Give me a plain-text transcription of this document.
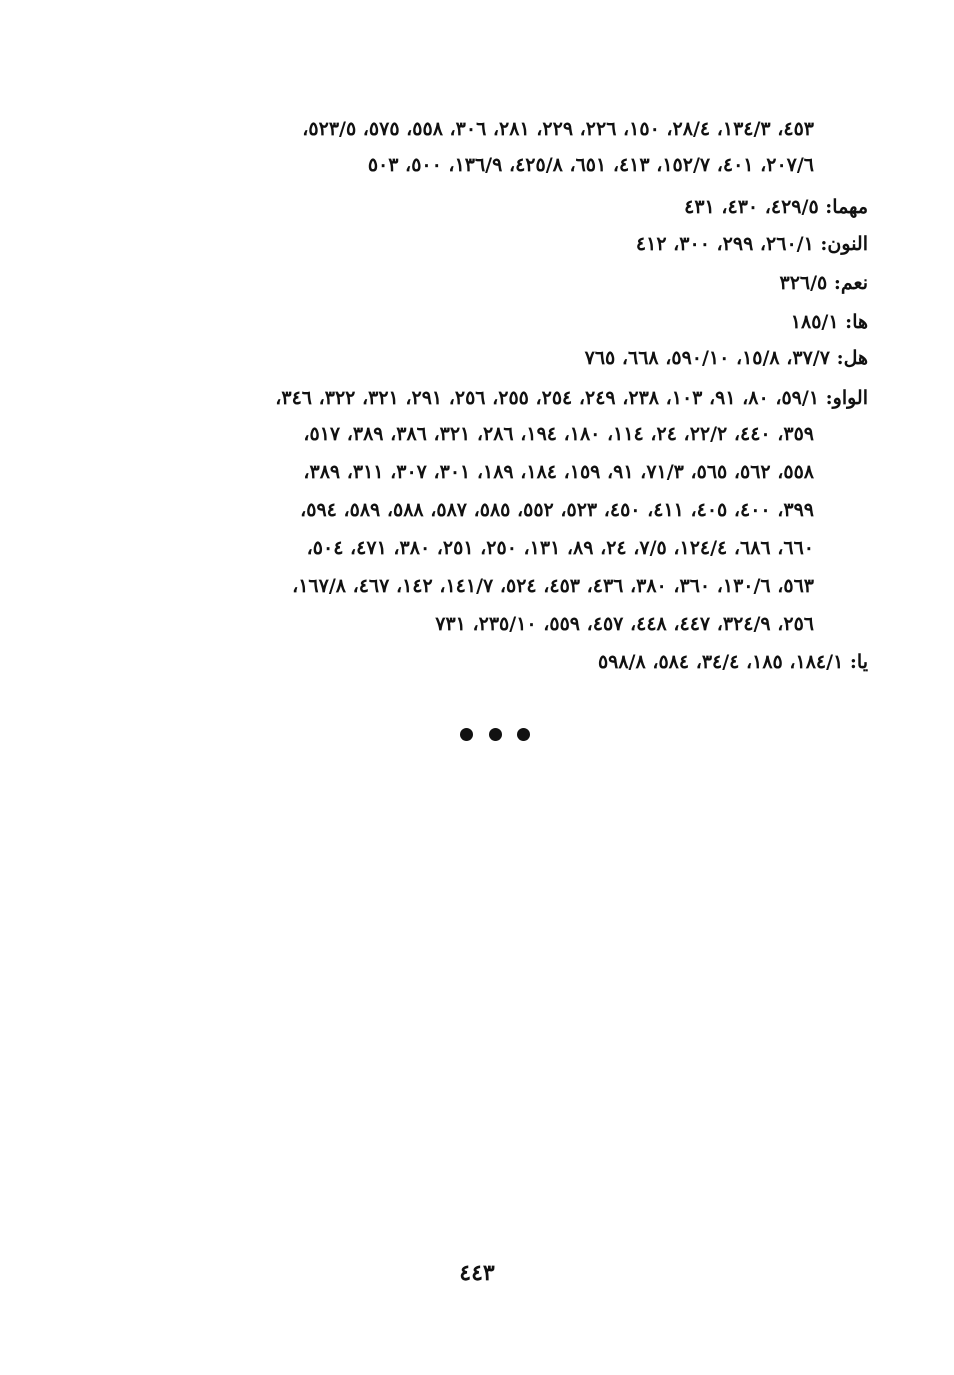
٤٥٣، ١٣٤/٣، ٢٨/٤، ١٥٠، ٢٢٦، ٢٢٩، ٢٨١، ٣٠٦، ٥٥٨، ٥٧٥، ٥٢٣/٥،
٢٠٧/٦، ٤٠١، ١٥٢/٧، ٤١٣، ٦٥١، ٤٢٥/٨، ١٣٦/٩، ٥٠٠، ٥٠٣
مهما: ٤٢٩/٥، ٤٣٠، ٤٣١
النون: ٢٦٠/١، ٢٩٩، ٣٠٠، ٤١٢
نعم: ٣٢٦/٥
ها: ١٨٥/١
هل: ٣٧/٧، ١٥/٨، ٥٩٠/١٠، ٦٦٨، ٧٦٥
الواو: ٥٩/١، ٨٠، ٩١، ١٠٣، ٢٣٨، ٢٤٩، ٢٥٤، ٢٥٥، ٢٥٦، ٢٩١، ٣٢١، ٣٢٢، ٣٤٦،
٣٥٩، ٤٤٠، ٢٢/٢، ٢٤، ١١٤، ١٨٠، ١٩٤، ٢٨٦، ٣٢١، ٣٨٦، ٣٨٩، ٥١٧،
٥٥٨، ٥٦٢، ٥٦٥، ٧١/٣، ٩١، ١٥٩، ١٨٤، ١٨٩، ٣٠١، ٣٠٧، ٣١١، ٣٨٩،
٣٩٩، ٤٠٠، ٤٠٥، ٤١١، ٤٥٠، ٥٢٣، ٥٥٢، ٥٨٥، ٥٨٧، ٥٨٨، ٥٨٩، ٥٩٤،
٦٦٠، ٦٨٦، ١٢٤/٤، ٧/٥، ٢٤، ٨٩، ١٣١، ٢٥٠، ٢٥١، ٣٨٠، ٤٧١، ٥٠٤،
٥٦٣، ١٣٠/٦، ٣٦٠، ٣٨٠، ٤٣٦، ٤٥٣، ٥٢٤، ١٤١/٧، ١٤٢، ٤٦٧، ١٦٧/٨،
٢٥٦، ٣٢٤/٩، ٤٤٧، ٤٤٨، ٤٥٧، ٥٥٩، ٢٣٥/١٠، ٧٣١
يا: ١٨٤/١، ١٨٥، ٣٤/٤، ٥٨٤، ٥٩٨/٨
٤٤٣
